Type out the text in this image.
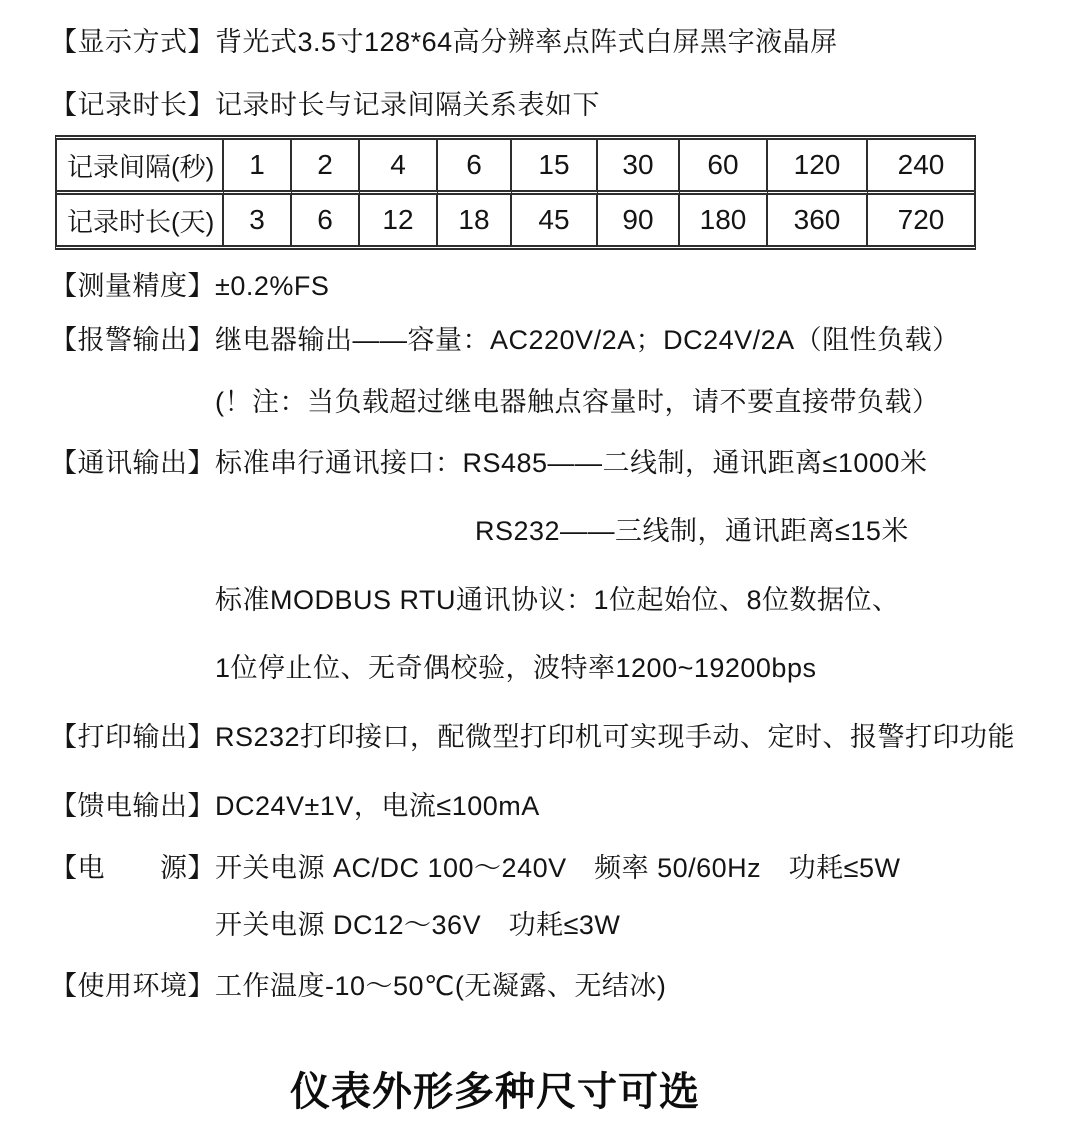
【显示方式】背光式3.5寸128*64高分辨率点阵式白屏黑字液晶屏
【记录时长】记录时长与记录间隔关系表如下
记录间隔(秒)	1	2	4	6	15	30	60	120	240
记录时长(天)	3	6	12	18	45	90	180	360	720
【测量精度】±0.2%FS
【报警输出】继电器输出——容量：AC220V/2A；DC24V/2A（阻性负载）
(！注：当负载超过继电器触点容量时，请不要直接带负载）
【通讯输出】标准串行通讯接口：RS485——二线制，通讯距离≤1000米
RS232——三线制，通讯距离≤15米
标准MODBUS RTU通讯协议：1位起始位、8位数据位、
1位停止位、无奇偶校验，波特率1200~19200bps
【打印输出】RS232打印接口，配微型打印机可实现手动、定时、报警打印功能
【馈电输出】DC24V±1V，电流≤100mA
【电　　源】开关电源 AC/DC 100～240V　频率 50/60Hz　功耗≤5W
开关电源 DC12～36V　功耗≤3W
【使用环境】工作温度-10～50℃(无凝露、无结冰)
仪表外形多种尺寸可选
